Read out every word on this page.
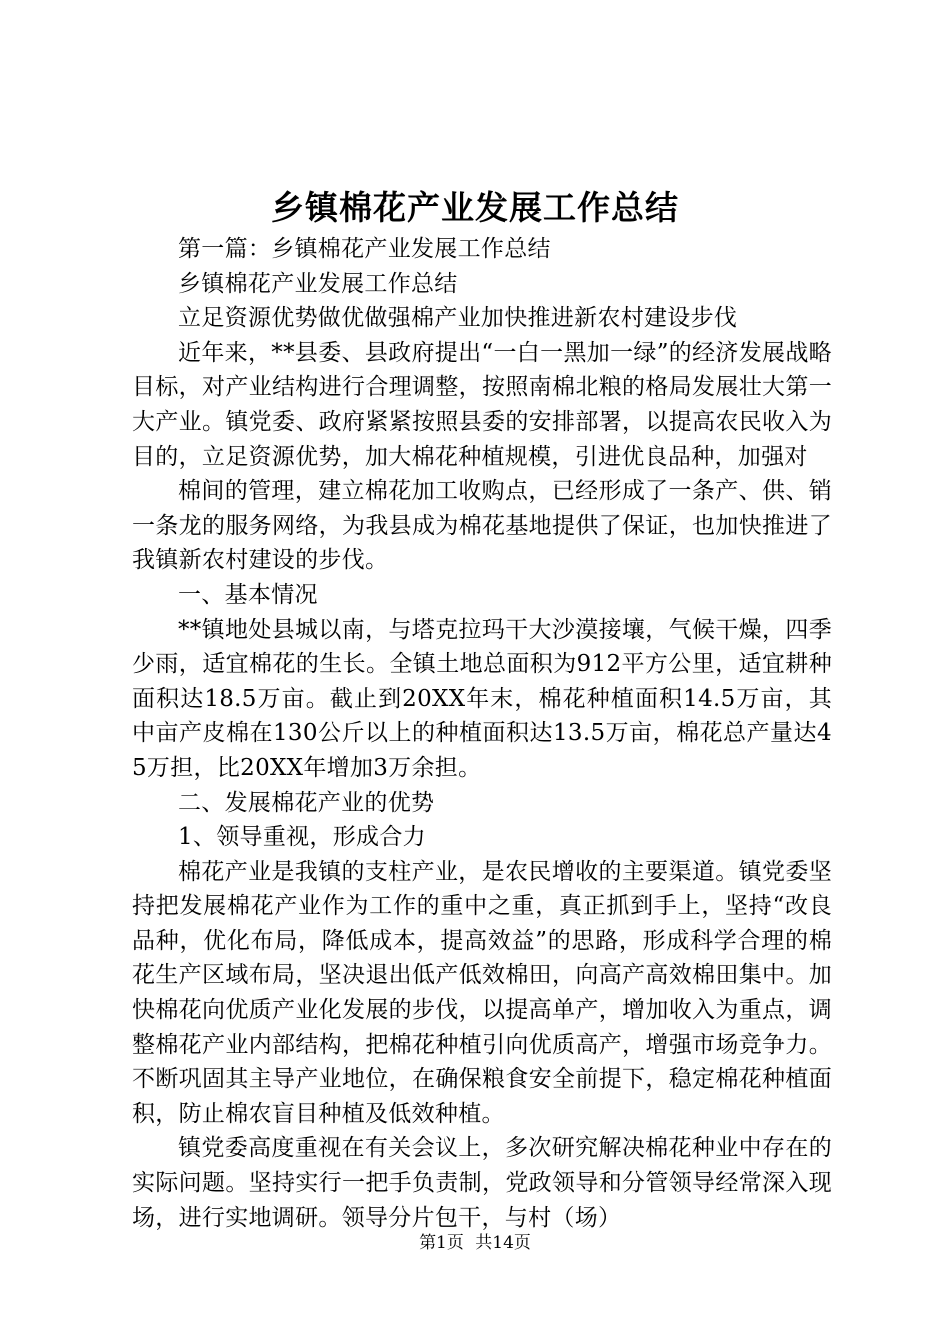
乡镇棉花产业发展工作总结

第一篇：乡镇棉花产业发展工作总结

乡镇棉花产业发展工作总结

立足资源优势做优做强棉产业加快推进新农村建设步伐

近年来，**县委、县政府提出“一白一黑加一绿”的经济发展战略目标，对产业结构进行合理调整，按照南棉北粮的格局发展壮大第一大产业。镇党委、政府紧紧按照县委的安排部署，以提高农民收入为目的，立足资源优势，加大棉花种植规模，引进优良品种，加强对

棉间的管理，建立棉花加工收购点，已经形成了一条产、供、销一条龙的服务网络，为我县成为棉花基地提供了保证，也加快推进了我镇新农村建设的步伐。

一、基本情况

**镇地处县城以南，与塔克拉玛干大沙漠接壤，气候干燥，四季少雨，适宜棉花的生长。全镇土地总面积为912平方公里，适宜耕种面积达18.5万亩。截止到20XX年末，棉花种植面积14.5万亩，其中亩产皮棉在130公斤以上的种植面积达13.5万亩，棉花总产量达45万担，比20XX年增加3万余担。

二、发展棉花产业的优势

1、领导重视，形成合力

棉花产业是我镇的支柱产业，是农民增收的主要渠道。镇党委坚持把发展棉花产业作为工作的重中之重，真正抓到手上，坚持“改良品种，优化布局，降低成本，提高效益”的思路，形成科学合理的棉花生产区域布局，坚决退出低产低效棉田，向高产高效棉田集中。加快棉花向优质产业化发展的步伐，以提高单产，增加收入为重点，调整棉花产业内部结构，把棉花种植引向优质高产，增强市场竞争力。不断巩固其主导产业地位，在确保粮食安全前提下，稳定棉花种植面积，防止棉农盲目种植及低效种植。

镇党委高度重视在有关会议上，多次研究解决棉花种业中存在的实际问题。坚持实行一把手负责制，党政领导和分管领导经常深入现场，进行实地调研。领导分片包干，与村（场）

第1页 共14页
